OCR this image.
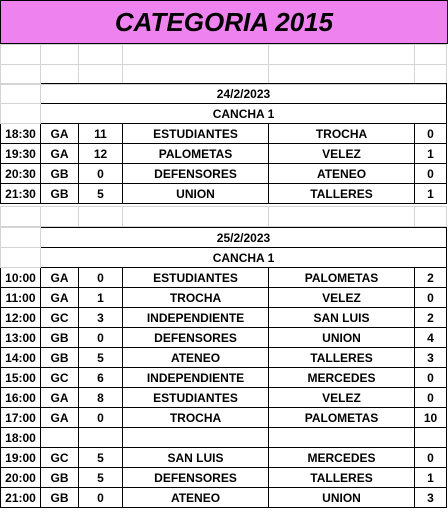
CATEGORIA 2015

	24/2/2023				
	CANCHA 1				
18:30	GA	11	ESTUDIANTES	TROCHA	0
19:30	GA	12	PALOMETAS	VELEZ	1
20:30	GB	0	DEFENSORES	ATENEO	0
21:30	GB	5	UNION	TALLERES	1

	25/2/2023				
	CANCHA 1				
10:00	GA	0	ESTUDIANTES	PALOMETAS	2
11:00	GA	1	TROCHA	VELEZ	0
12:00	GC	3	INDEPENDIENTE	SAN LUIS	2
13:00	GB	0	DEFENSORES	UNION	4
14:00	GB	5	ATENEO	TALLERES	3
15:00	GC	6	INDEPENDIENTE	MERCEDES	0
16:00	GA	8	ESTUDIANTES	VELEZ	0
17:00	GA	0	TROCHA	PALOMETAS	10
18:00					
19:00	GC	5	SAN LUIS	MERCEDES	0
20:00	GB	5	DEFENSORES	TALLERES	1
21:00	GB	0	ATENEO	UNION	3
